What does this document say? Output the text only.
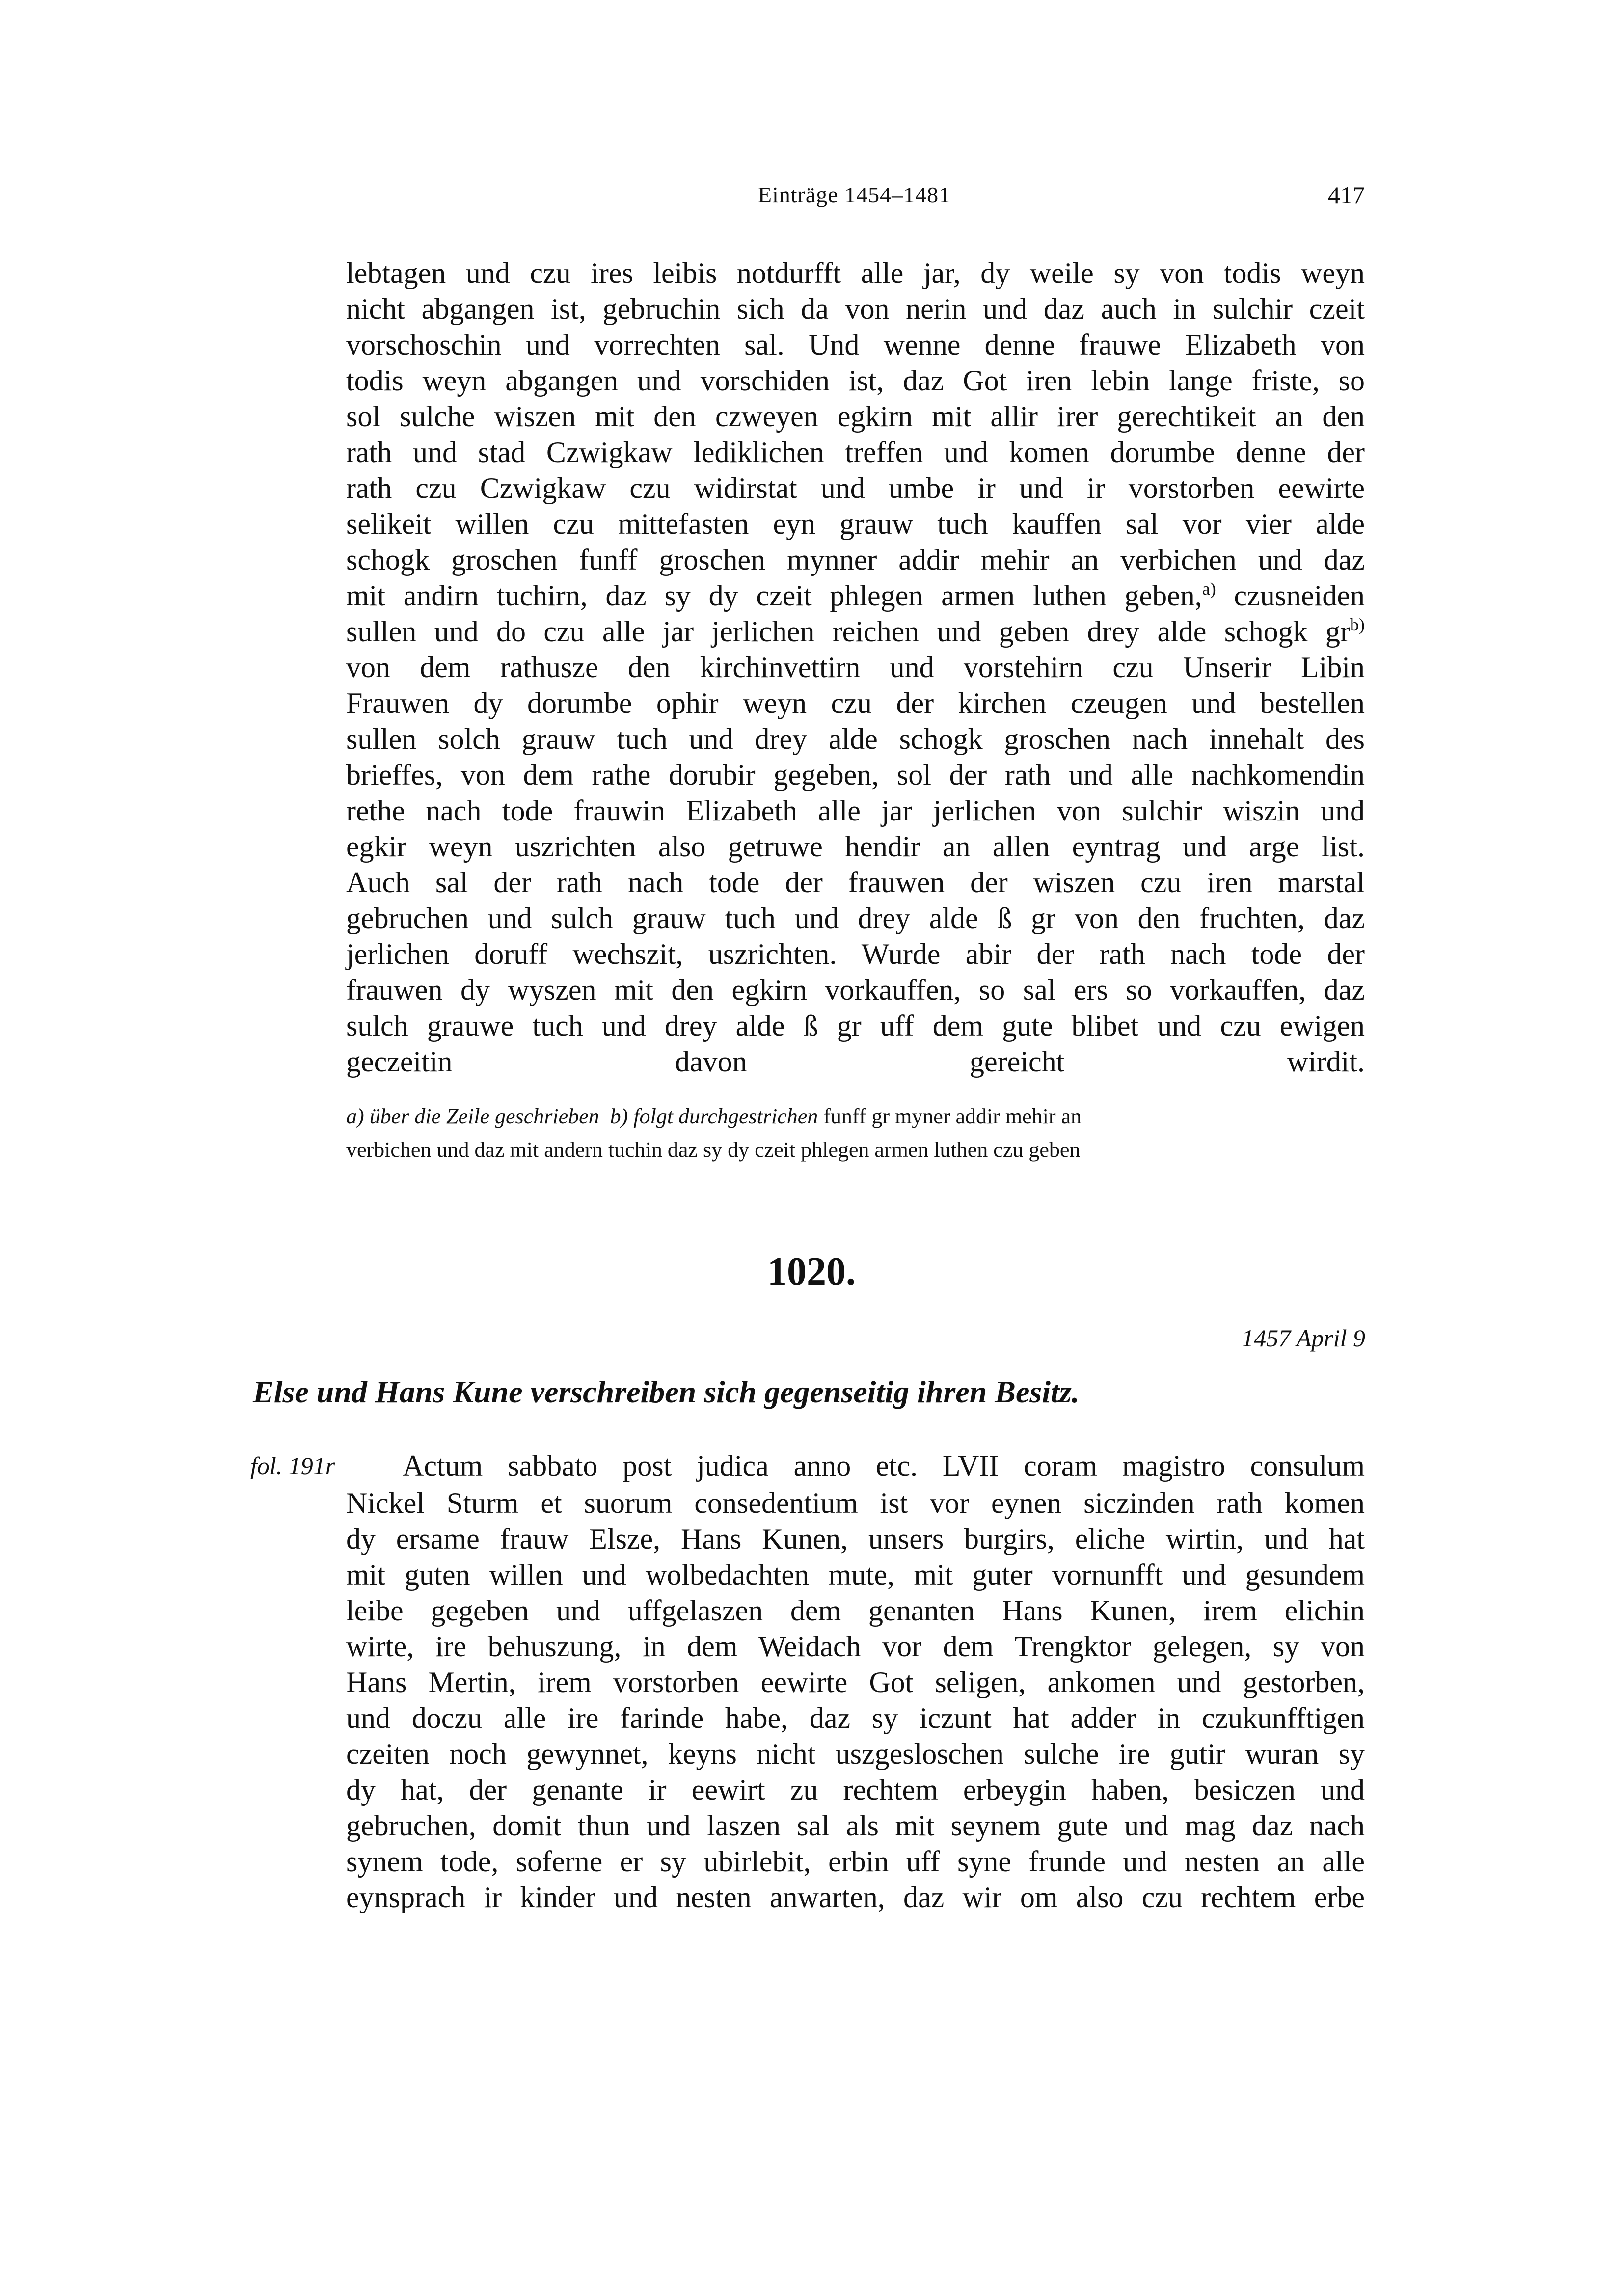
Einträge 1454–1481	417
lebtagen und czu ires leibis notdurfft alle jar, dy weile sy von todis weyn
nicht abgangen ist, gebruchin sich da von nerin und daz auch in sulchir czeit
vorschoschin und vorrechten sal. Und wenne denne frauwe Elizabeth von
todis weyn abgangen und vorschiden ist, daz Got iren lebin lange friste, so
sol sulche wiszen mit den czweyen egkirn mit allir irer gerechtikeit an den
rath und stad Czwigkaw lediklichen treffen und komen dorumbe denne der
rath czu Czwigkaw czu widirstat und umbe ir und ir vorstorben eewirte
selikeit willen czu mittefasten eyn grauw tuch kauffen sal vor vier alde
schogk groschen funff groschen mynner addir mehir an verbichen und daz
mit andirn tuchirn, daz sy dy czeit phlegen armen luthen geben,$^{a)}$ czusneiden
sullen und do czu alle jar jerlichen reichen und geben drey alde schogk $gr^{b)}$
von dem rathusze den kirchinvettirn und vorstehirn czu Unserir Libin
Frauwen dy dorumbe ophir weyn czu der kirchen czeugen und bestellen
sullen solch grauw tuch und drey alde schogk groschen nach innehalt des
brieffes, von dem rathe dorubir gegeben, sol der rath und alle nachkomendin
rethe nach tode frauwin Elizabeth alle jar jerlichen von sulchir wiszin und
egkir weyn uszrichten also getruwe hendir an allen eyntrag und arge list.
Auch sal der rath nach tode der frauwen der wiszen czu iren marstal
gebruchen und sulch grauw tuch und drey alde ß gr von den fruchten, daz
jerlichen doruff wechszit, uszrichten. Wurde abir der rath nach tode der
frauwen dy wyszen mit den egkirn vorkauffen, so sal ers so vorkauffen, daz
sulch grauwe tuch und drey alde ß gr uff dem gute blibet und czu ewigen
geczeitin davon gereicht wirdit.
a) über die Zeile geschrieben b) folgt durchgestrichen funff gr myner addir mehir an
verbichen und daz mit andern tuchin daz sy dy czeit phlegen armen luthen czu geben
1020.
1457 April 9
Else und Hans Kune verschreiben sich gegenseitig ihren Besitz.
fol. 191r	Actum sabbato post judica anno etc. LVII coram magistro consulum
Nickel Sturm et suorum consedentium ist vor eynen siczinden rath komen
dy ersame frauw Elsze, Hans Kunen, unsers burgirs, eliche wirtin, und hat
mit guten willen und wolbedachten mute, mit guter vornunfft und gesundem
leibe gegeben und uffgelaszen dem genanten Hans Kunen, irem elichin
wirte, ire behuszung, in dem Weidach vor dem Trengktor gelegen, sy von
Hans Mertin, irem vorstorben eewirte Got seligen, ankomen und gestorben,
und doczu alle ire farinde habe, daz sy iczunt hat adder in czukunfftigen
czeiten noch gewynnet, keyns nicht uszgesloschen sulche ire gutir wuran sy
dy hat, der genante ir eewirt zu rechtem erbeygin haben, besiczen und
gebruchen, domit thun und laszen sal als mit seynem gute und mag daz nach
synem tode, soferne er sy ubirlebit, erbin uff syne frunde und nesten an alle
eynsprach ir kinder und nesten anwarten, daz wir om also czu rechtem erbe
